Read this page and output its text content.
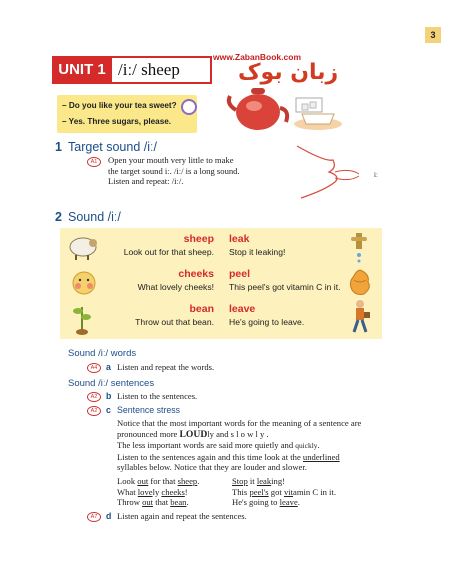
3
UNIT 1 /iː/ sheep
www.ZabanBook.com
زبان بوک
– Do you like your tea sweet?
– Yes. Three sugars, please.
1 Target sound /iː/
A1	Open your mouth very little to make
the target sound iː. /iː/ is a long sound.
Listen and repeat: /iː/.
iː
2 Sound /iː/
sheep
Look out for that sheep.
leak
Stop it leaking!
cheeks
What lovely cheeks!
peel
This peel's got vitamin C in it.
bean
Throw out that bean.
leave
He's going to leave.
Sound /iː/ words
A4 a Listen and repeat the words.
Sound /iː/ sentences
A2 b Listen to the sentences.
A2 c Sentence stress
Notice that the most important words for the meaning of a sentence are
pronounced more LOUDly and s l o w l y .
The less important words are said more quietly and quickly.
Listen to the sentences again and this time look at the underlined
syllables below. Notice that they are louder and slower.
Look out for that sheep.
What lovely cheeks!
Throw out that bean.
Stop it leaking!
This peel's got vitamin C in it.
He's going to leave.
A7 d Listen again and repeat the sentences.
